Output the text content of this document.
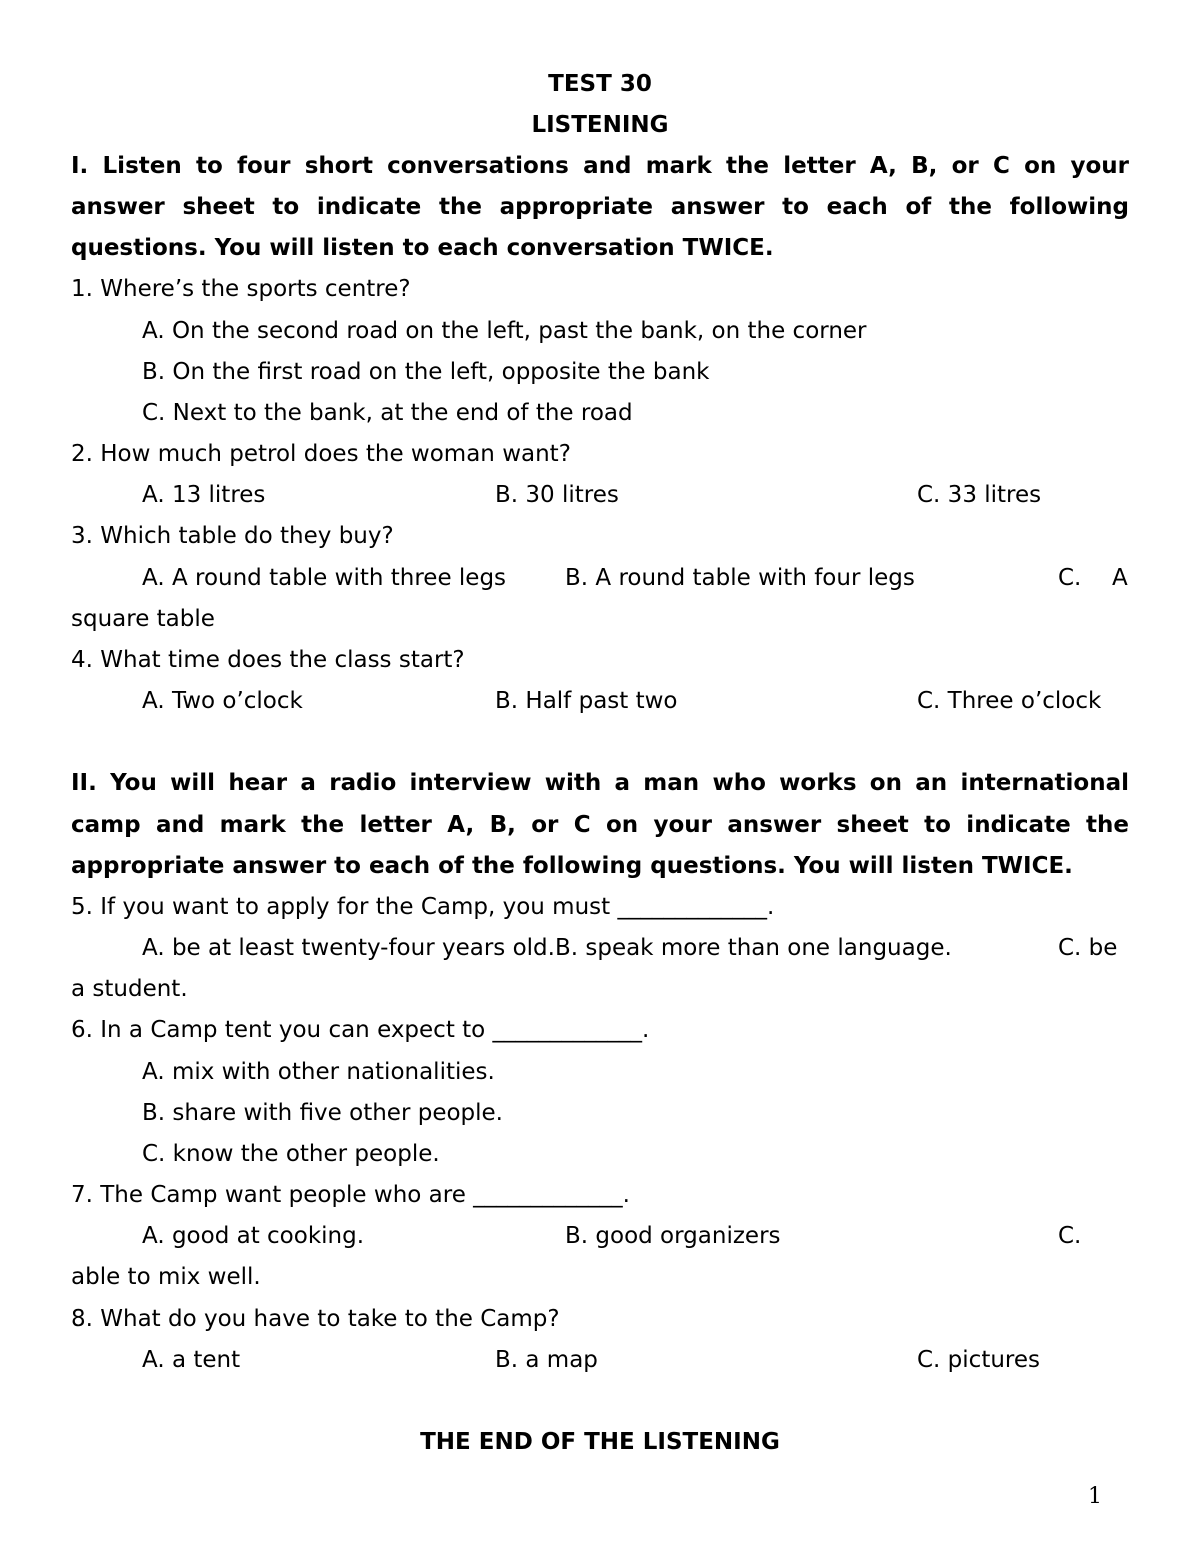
TEST 30
LISTENING
I. Listen to four short conversations and mark the letter A, B, or C on your
answer sheet to indicate the appropriate answer to each of the following
questions. You will listen to each conversation TWICE.
1. Where’s the sports centre?
A. On the second road on the left, past the bank, on the corner
B. On the first road on the left, opposite the bank
C. Next to the bank, at the end of the road
2. How much petrol does the woman want?
A. 13 litres	B. 30 litres	C. 33 litres
3. Which table do they buy?
A. A round table with three legs	B. A round table with four legs	C. A
square table
4. What time does the class start?
A. Two o’clock	B. Half past two	C. Three o’clock
II. You will hear a radio interview with a man who works on an international
camp and mark the letter A, B, or C on your answer sheet to indicate the
appropriate answer to each of the following questions. You will listen TWICE.
5. If you want to apply for the Camp, you must _____________.
A. be at least twenty-four years old.B. speak more than one language.	C. be
a student.
6. In a Camp tent you can expect to _____________.
A. mix with other nationalities.
B. share with five other people.
C. know the other people.
7. The Camp want people who are _____________.
A. good at cooking.	B. good organizers	C.
able to mix well.
8. What do you have to take to the Camp?
A. a tent	B. a map	C. pictures
THE END OF THE LISTENING
1
